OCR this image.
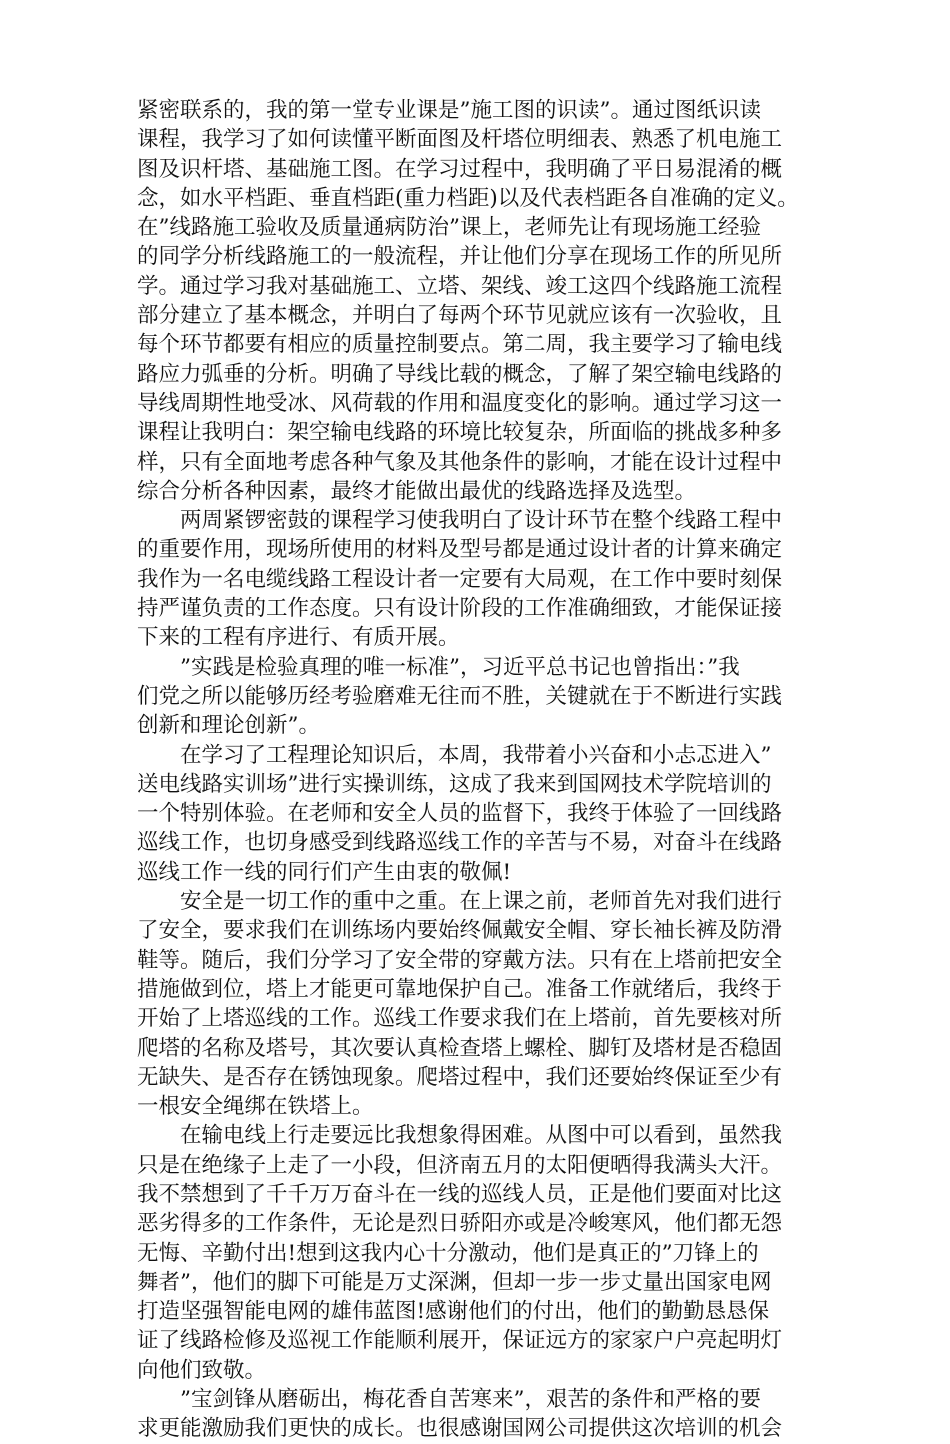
紧密联系的，我的第一堂专业课是”施工图的识读”。通过图纸识读
课程，我学习了如何读懂平断面图及杆塔位明细表、熟悉了机电施工
图及识杆塔、基础施工图。在学习过程中，我明确了平日易混淆的概
念，如水平档距、垂直档距(重力档距)以及代表档距各自准确的定义。
在”线路施工验收及质量通病防治”课上，老师先让有现场施工经验
的同学分析线路施工的一般流程，并让他们分享在现场工作的所见所
学。通过学习我对基础施工、立塔、架线、竣工这四个线路施工流程
部分建立了基本概念，并明白了每两个环节见就应该有一次验收，且
每个环节都要有相应的质量控制要点。第二周，我主要学习了输电线
路应力弧垂的分析。明确了导线比载的概念，了解了架空输电线路的
导线周期性地受冰、风荷载的作用和温度变化的影响。通过学习这一
课程让我明白：架空输电线路的环境比较复杂，所面临的挑战多种多
样，只有全面地考虑各种气象及其他条件的影响，才能在设计过程中
综合分析各种因素，最终才能做出最优的线路选择及选型。
两周紧锣密鼓的课程学习使我明白了设计环节在整个线路工程中
的重要作用，现场所使用的材料及型号都是通过设计者的计算来确定
我作为一名电缆线路工程设计者一定要有大局观，在工作中要时刻保
持严谨负责的工作态度。只有设计阶段的工作准确细致，才能保证接
下来的工程有序进行、有质开展。
”实践是检验真理的唯一标准”，习近平总书记也曾指出：”我
们党之所以能够历经考验磨难无往而不胜，关键就在于不断进行实践
创新和理论创新”。
在学习了工程理论知识后，本周，我带着小兴奋和小忐忑进入”
送电线路实训场”进行实操训练，这成了我来到国网技术学院培训的
一个特别体验。在老师和安全人员的监督下，我终于体验了一回线路
巡线工作，也切身感受到线路巡线工作的辛苦与不易，对奋斗在线路
巡线工作一线的同行们产生由衷的敬佩!
安全是一切工作的重中之重。在上课之前，老师首先对我们进行
了安全，要求我们在训练场内要始终佩戴安全帽、穿长袖长裤及防滑
鞋等。随后，我们分学习了安全带的穿戴方法。只有在上塔前把安全
措施做到位，塔上才能更可靠地保护自己。准备工作就绪后，我终于
开始了上塔巡线的工作。巡线工作要求我们在上塔前，首先要核对所
爬塔的名称及塔号，其次要认真检查塔上螺栓、脚钉及塔材是否稳固
无缺失、是否存在锈蚀现象。爬塔过程中，我们还要始终保证至少有
一根安全绳绑在铁塔上。
在输电线上行走要远比我想象得困难。从图中可以看到，虽然我
只是在绝缘子上走了一小段，但济南五月的太阳便晒得我满头大汗。
我不禁想到了千千万万奋斗在一线的巡线人员，正是他们要面对比这
恶劣得多的工作条件，无论是烈日骄阳亦或是冷峻寒风，他们都无怨
无悔、辛勤付出!想到这我内心十分激动，他们是真正的”刀锋上的
舞者”，他们的脚下可能是万丈深渊，但却一步一步丈量出国家电网
打造坚强智能电网的雄伟蓝图!感谢他们的付出，他们的勤勤恳恳保
证了线路检修及巡视工作能顺利展开，保证远方的家家户户亮起明灯
向他们致敬。
”宝剑锋从磨砺出，梅花香自苦寒来”，艰苦的条件和严格的要
求更能激励我们更快的成长。也很感谢国网公司提供这次培训的机会
